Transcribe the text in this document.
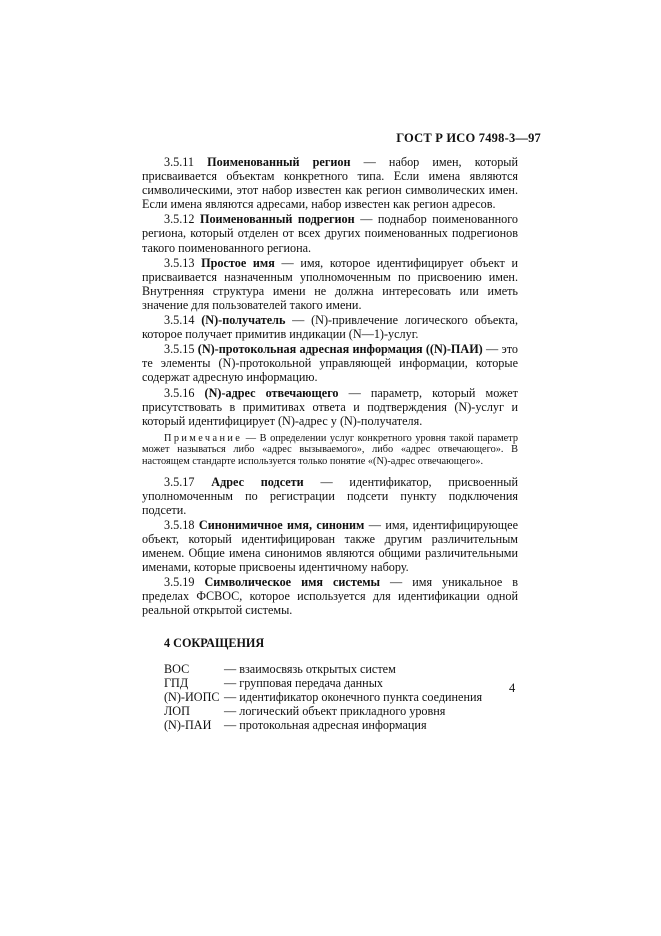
ГОСТ Р ИСО 7498-3—97
3.5.11 Поименованный регион — набор имен, который присваивается объектам конкретного типа. Если имена являются символическими, этот набор известен как регион символических имен. Если имена являются адресами, набор известен как регион адресов.
3.5.12 Поименованный подрегион — поднабор поименованного региона, который отделен от всех других поименованных подрегионов такого поименованного региона.
3.5.13 Простое имя — имя, которое идентифицирует объект и присваивается назначенным уполномоченным по присвоению имен. Внутренняя структура имени не должна интересовать или иметь значение для пользователей такого имени.
3.5.14 (N)-получатель — (N)-привлечение логического объекта, которое получает примитив индикации (N—1)-услуг.
3.5.15 (N)-протокольная адресная информация ((N)-ПАИ) — это те элементы (N)-протокольной управляющей информации, которые содержат адресную информацию.
3.5.16 (N)-адрес отвечающего — параметр, который может присутствовать в примитивах ответа и подтверждения (N)-услуг и который идентифицирует (N)-адрес у (N)-получателя.
Примечание — В определении услуг конкретного уровня такой параметр может называться либо «адрес вызываемого», либо «адрес отвечающего». В настоящем стандарте используется только понятие «(N)-адрес отвечающего».
3.5.17 Адрес подсети — идентификатор, присвоенный уполномоченным по регистрации подсети пункту подключения подсети.
3.5.18 Синонимичное имя, синоним — имя, идентифицирующее объект, который идентифицирован также другим различительным именем. Общие имена синонимов являются общими различительными именами, которые присвоены идентичному набору.
3.5.19 Символическое имя системы — имя уникальное в пределах ФСВОС, которое используется для идентификации одной реальной открытой системы.
4 СОКРАЩЕНИЯ
ВОС	— взаимосвязь открытых систем
ГПД	— групповая передача данных
(N)-ИОПС	— идентификатор оконечного пункта соединения
ЛОП	— логический объект прикладного уровня
(N)-ПАИ	— протокольная адресная информация
4
